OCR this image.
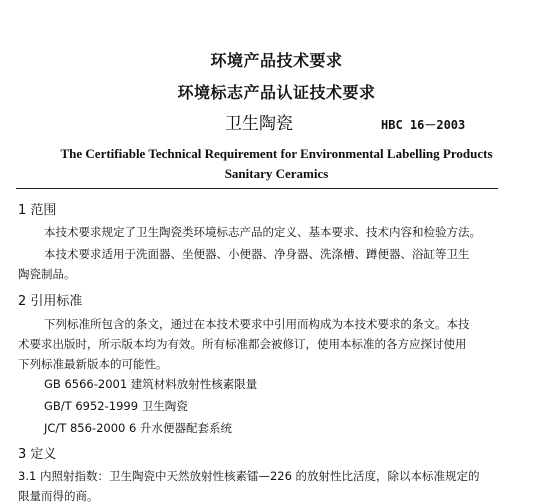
环境产品技术要求
环境标志产品认证技术要求
卫生陶瓷	HBC 16－2003
The Certifiable Technical Requirement for Environmental Labelling Products
Sanitary Ceramics
1 范围
本技术要求规定了卫生陶瓷类环境标志产品的定义、基本要求、技术内容和检验方法。
本技术要求适用于洗面器、坐便器、小便器、净身器、洗涤槽、蹲便器、浴缸等卫生
陶瓷制品。
2 引用标准
下列标准所包含的条文，通过在本技术要求中引用而构成为本技术要求的条文。本技
术要求出版时，所示版本均为有效。所有标准都会被修订，使用本标准的各方应探讨使用
下列标准最新版本的可能性。
GB 6566-2001 建筑材料放射性核素限量
GB/T 6952-1999 卫生陶瓷
JC/T 856-2000 6 升水便器配套系统
3 定义
3.1 内照射指数：卫生陶瓷中天然放射性核素镭—226 的放射性比活度，除以本标准规定的
限量而得的商。
